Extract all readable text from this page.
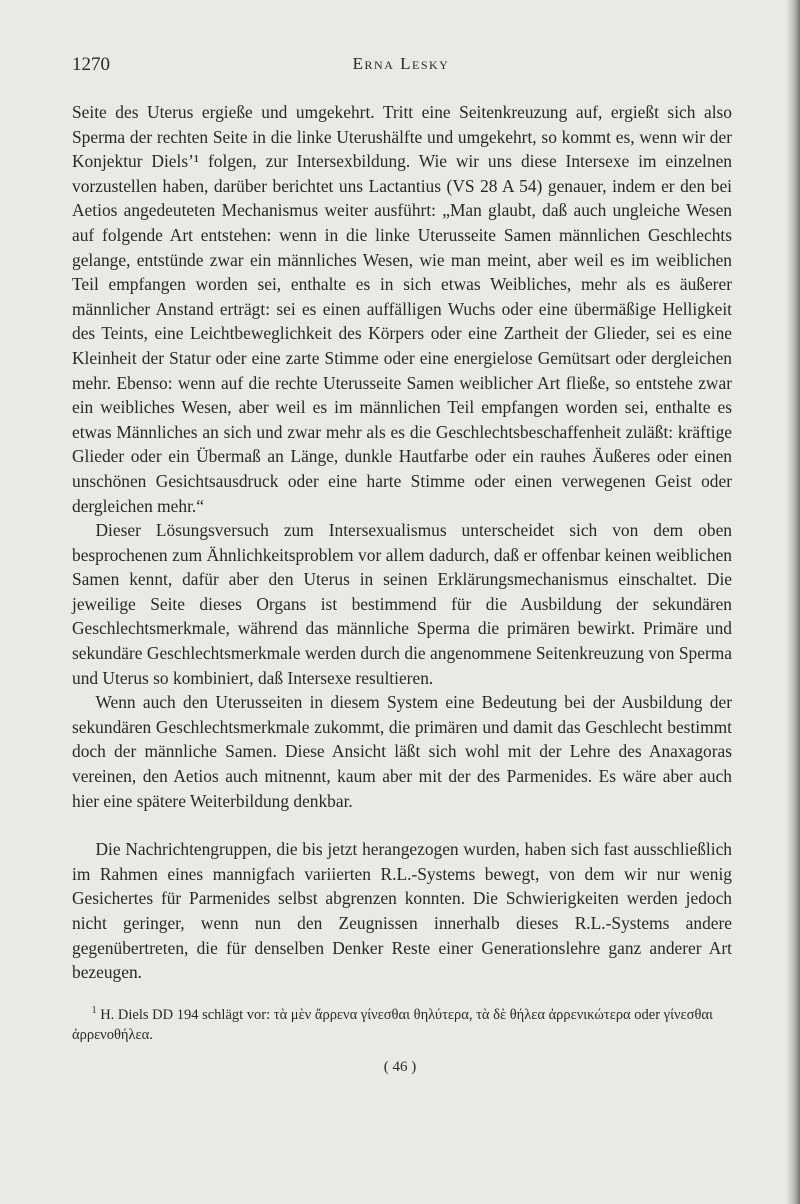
1270	Erna Lesky

Seite des Uterus ergieße und umgekehrt. Tritt eine Seitenkreuzung auf, ergießt sich also Sperma der rechten Seite in die linke Uterushälfte und umgekehrt, so kommt es, wenn wir der Konjektur Diels’¹ folgen, zur Intersexbildung. Wie wir uns diese Intersexe im einzelnen vorzustellen haben, darüber berichtet uns Lactantius (VS 28 A 54) genauer, indem er den bei Aetios angedeuteten Mechanismus weiter ausführt: „Man glaubt, daß auch ungleiche Wesen auf folgende Art entstehen: wenn in die linke Uterusseite Samen männlichen Geschlechts gelange, entstünde zwar ein männliches Wesen, wie man meint, aber weil es im weiblichen Teil empfangen worden sei, enthalte es in sich etwas Weibliches, mehr als es äußerer männlicher Anstand erträgt: sei es einen auffälligen Wuchs oder eine übermäßige Helligkeit des Teints, eine Leichtbeweglichkeit des Körpers oder eine Zartheit der Glieder, sei es eine Kleinheit der Statur oder eine zarte Stimme oder eine energielose Gemütsart oder dergleichen mehr. Ebenso: wenn auf die rechte Uterusseite Samen weiblicher Art fließe, so entstehe zwar ein weibliches Wesen, aber weil es im männlichen Teil empfangen worden sei, enthalte es etwas Männliches an sich und zwar mehr als es die Geschlechtsbeschaffenheit zuläßt: kräftige Glieder oder ein Übermaß an Länge, dunkle Hautfarbe oder ein rauhes Äußeres oder einen unschönen Gesichtsausdruck oder eine harte Stimme oder einen verwegenen Geist oder dergleichen mehr.“

Dieser Lösungsversuch zum Intersexualismus unterscheidet sich von dem oben besprochenen zum Ähnlichkeitsproblem vor allem dadurch, daß er offenbar keinen weiblichen Samen kennt, dafür aber den Uterus in seinen Erklärungsmechanismus einschaltet. Die jeweilige Seite dieses Organs ist bestimmend für die Ausbildung der sekundären Geschlechtsmerkmale, während das männliche Sperma die primären bewirkt. Primäre und sekundäre Geschlechtsmerkmale werden durch die angenommene Seitenkreuzung von Sperma und Uterus so kombiniert, daß Intersexe resultieren.

Wenn auch den Uterusseiten in diesem System eine Bedeutung bei der Ausbildung der sekundären Geschlechtsmerkmale zukommt, die primären und damit das Geschlecht bestimmt doch der männliche Samen. Diese Ansicht läßt sich wohl mit der Lehre des Anaxagoras vereinen, den Aetios auch mitnennt, kaum aber mit der des Parmenides. Es wäre aber auch hier eine spätere Weiterbildung denkbar.

Die Nachrichtengruppen, die bis jetzt herangezogen wurden, haben sich fast ausschließlich im Rahmen eines mannigfach variierten R.L.-Systems bewegt, von dem wir nur wenig Gesichertes für Parmenides selbst abgrenzen konnten. Die Schwierigkeiten werden jedoch nicht geringer, wenn nun den Zeugnissen innerhalb dieses R.L.-Systems andere gegenübertreten, die für denselben Denker Reste einer Generationslehre ganz anderer Art bezeugen.

$^1$ H. Diels DD 194 schlägt vor: τὰ μὲν ἄρρενα γίνεσθαι θηλύτερα, τὰ δὲ θήλεα ἀρρενικώτερα oder γίνεσθαι ἀρρενοθήλεα.
( 46 )
